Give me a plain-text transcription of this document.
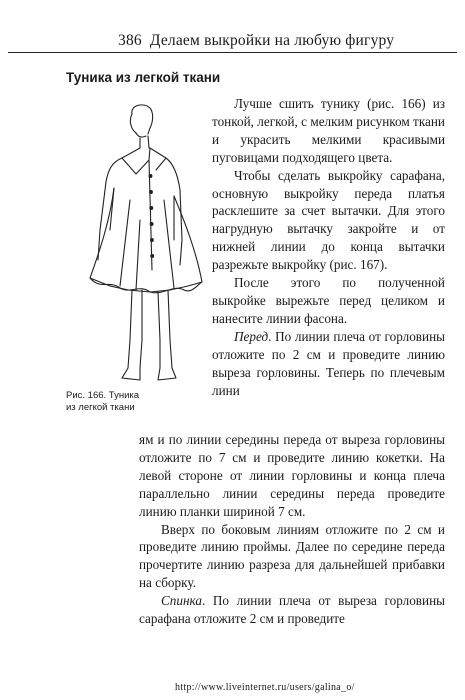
386 Делаем выкройки на любую фигуру
Туника из легкой ткани
Рис. 166. Туника
из легкой ткани

Лучше сшить тунику (рис. 166) из тонкой, легкой, с мелким рисунком ткани и украсить мелкими красивыми пуговицами подходящего цвета.

Чтобы сделать выкройку сарафана, основную выкройку переда платья расклешите за счет вытачки. Для этого нагрудную вытачку закройте и от нижней линии до конца вытачки разрежьте выкройку (рис. 167).

После этого по полученной выкройке вырежьте перед целиком и нанесите линии фасона.

Перед. По линии плеча от горловины отложите по 2 см и проведите линию выреза горловины. Теперь по плечевым лини

ям и по линии середины переда от выреза горловины отложите по 7 см и проведите линию кокетки. На левой стороне от линии горловины и конца плеча параллельно линии середины переда проведите линию планки шириной 7 см.

Вверх по боковым линиям отложите по 2 см и проведите линию проймы. Далее по середине переда прочертите линию разреза для дальнейшей прибавки на сборку.

Спинка. По линии плеча от выреза горловины сарафана отложите 2 см и проведите

http://www.liveinternet.ru/users/galina_o/
